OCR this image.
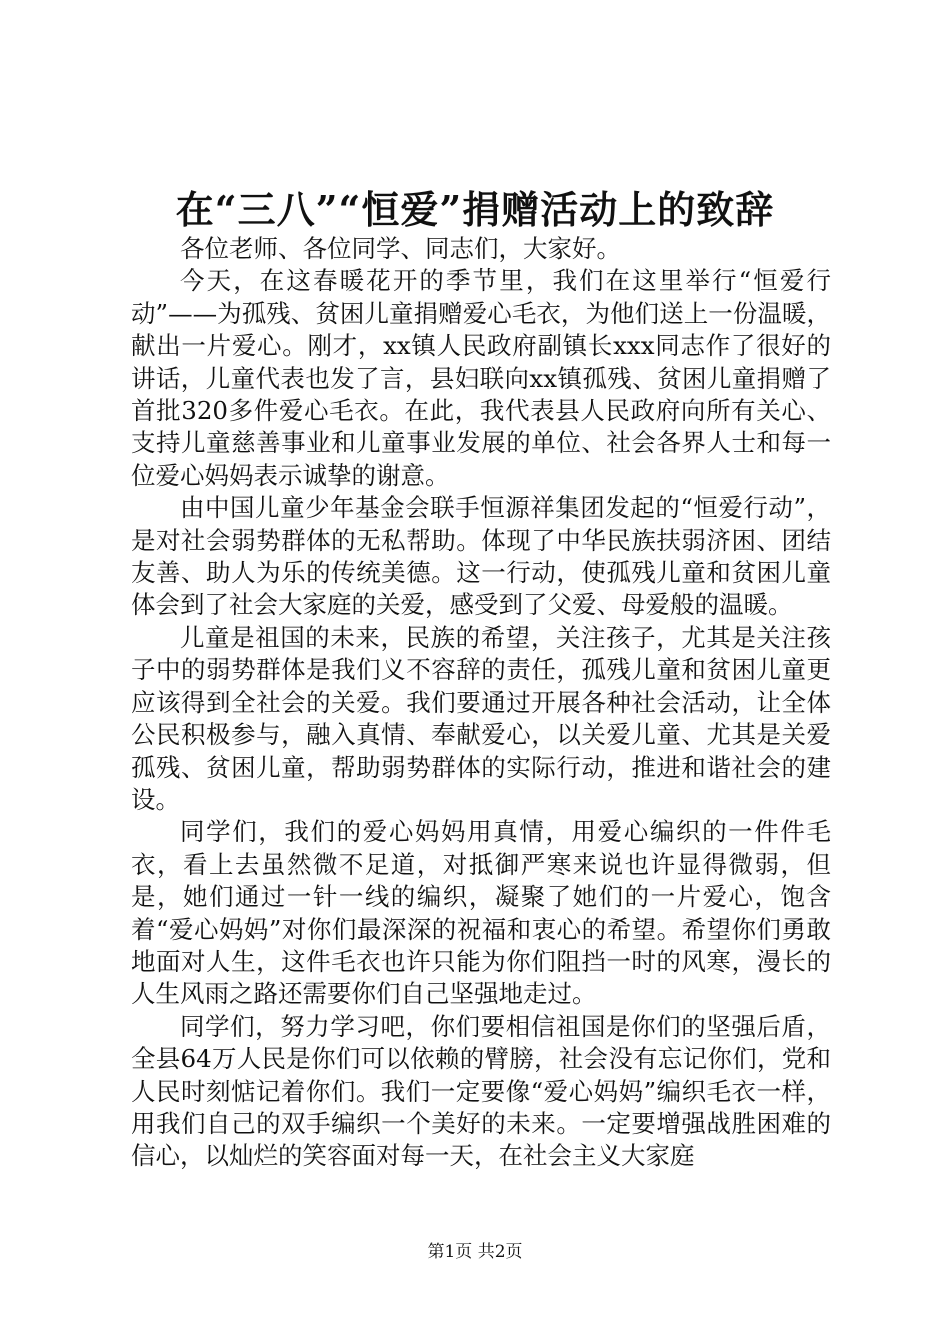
在“三八”“恒爱”捐赠活动上的致辞

各位老师、各位同学、同志们，大家好。

今天，在这春暖花开的季节里，我们在这里举行“恒爱行动”——为孤残、贫困儿童捐赠爱心毛衣，为他们送上一份温暖，献出一片爱心。刚才，xx镇人民政府副镇长xxx同志作了很好的讲话，儿童代表也发了言，县妇联向xx镇孤残、贫困儿童捐赠了首批320多件爱心毛衣。在此，我代表县人民政府向所有关心、支持儿童慈善事业和儿童事业发展的单位、社会各界人士和每一位爱心妈妈表示诚挚的谢意。

由中国儿童少年基金会联手恒源祥集团发起的“恒爱行动”，是对社会弱势群体的无私帮助。体现了中华民族扶弱济困、团结友善、助人为乐的传统美德。这一行动，使孤残儿童和贫困儿童体会到了社会大家庭的关爱，感受到了父爱、母爱般的温暖。

儿童是祖国的未来，民族的希望，关注孩子，尤其是关注孩子中的弱势群体是我们义不容辞的责任，孤残儿童和贫困儿童更应该得到全社会的关爱。我们要通过开展各种社会活动，让全体公民积极参与，融入真情、奉献爱心，以关爱儿童、尤其是关爱孤残、贫困儿童，帮助弱势群体的实际行动，推进和谐社会的建设。

同学们，我们的爱心妈妈用真情，用爱心编织的一件件毛衣，看上去虽然微不足道，对抵御严寒来说也许显得微弱，但是，她们通过一针一线的编织，凝聚了她们的一片爱心，饱含着“爱心妈妈”对你们最深深的祝福和衷心的希望。希望你们勇敢地面对人生，这件毛衣也许只能为你们阻挡一时的风寒，漫长的人生风雨之路还需要你们自己坚强地走过。

同学们，努力学习吧，你们要相信祖国是你们的坚强后盾，全县64万人民是你们可以依赖的臂膀，社会没有忘记你们，党和人民时刻惦记着你们。我们一定要像“爱心妈妈”编织毛衣一样，用我们自己的双手编织一个美好的未来。一定要增强战胜困难的信心，以灿烂的笑容面对每一天，在社会主义大家庭

第1页 共2页
